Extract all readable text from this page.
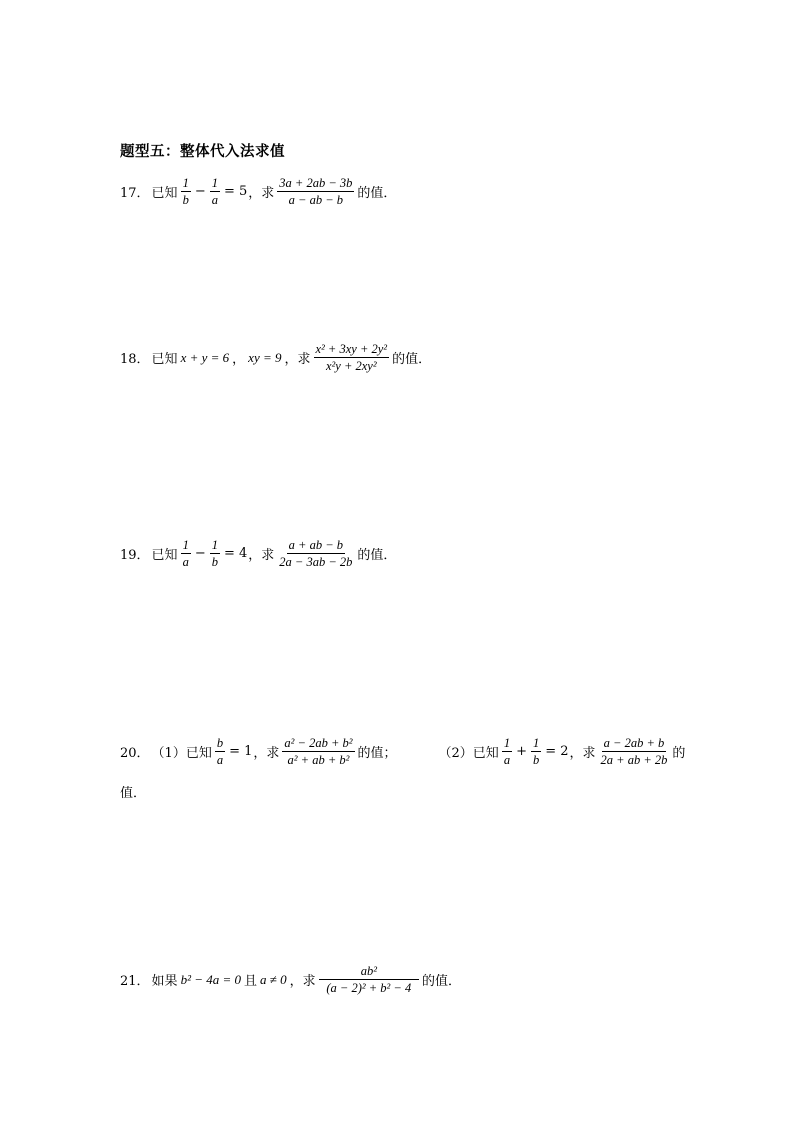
题型五：整体代入法求值
17． 已知 $\frac{1}{b} - \frac{1}{a} = 5$ ，求 $\frac{3a + 2ab - 3b}{a - ab - b}$ 的值．
18． 已知 x + y = 6 ， xy = 9 ，求 $\frac{\text{x² + 3xy + 2y²}}{\text{x²y + 2xy²}}$ 的值．
19． 已知 $\frac{1}{a} - \frac{1}{b} = 4$ ，求 $\frac{a + ab - b}{2a - 3ab - 2b}$ 的值．
20． （1）已知 $\frac{b}{a} = 1$ ，求 $\frac{\text{a² − 2ab + b²}}{\text{a² + ab + b²}}$ 的值；	（2）已知 $\frac{1}{a} + \frac{1}{b} = 2$ ，求 $\frac{a - 2ab + b}{2a + ab + 2b}$ 的
值．
21． 如果 b² − 4a = 0 且 a ≠ 0 ，求 $\frac{\text{ab²}}{\text{(a − 2)² + b² − 4}}$ 的值．
